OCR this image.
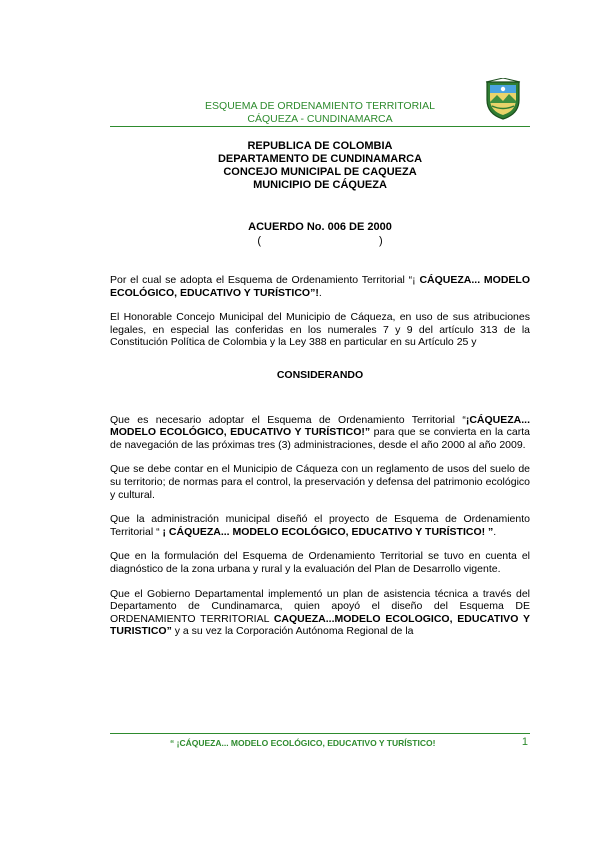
ESQUEMA DE ORDENAMIENTO TERRITORIAL
CÁQUEZA - CUNDINAMARCA
REPUBLICA DE COLOMBIA
DEPARTAMENTO DE CUNDINAMARCA
CONCEJO MUNICIPAL DE CAQUEZA
MUNICIPIO DE CÁQUEZA
ACUERDO No. 006 DE 2000
(	)

Por el cual se adopta el Esquema de Ordenamiento Territorial “¡ CÁQUEZA... MODELO ECOLÓGICO, EDUCATIVO Y TURÍSTICO”!.

El Honorable Concejo Municipal del Municipio de Cáqueza, en uso de sus atribuciones legales, en especial las conferidas en los numerales 7 y 9 del artículo 313 de la Constitución Política de Colombia y la Ley 388 en particular en su Artículo 25 y

CONSIDERANDO

Que es necesario adoptar el Esquema de Ordenamiento Territorial “¡CÁQUEZA... MODELO ECOLÓGICO, EDUCATIVO Y TURÍSTICO!” para que se convierta en la carta de navegación de las próximas tres (3) administraciones, desde el año 2000 al año 2009.

Que se debe contar en el Municipio de Cáqueza con un reglamento de usos del suelo de su territorio; de normas para el control, la preservación y defensa del patrimonio ecológico y cultural.

Que la administración municipal diseñó el proyecto de Esquema de Ordenamiento Territorial “ ¡ CÁQUEZA... MODELO ECOLÓGICO, EDUCATIVO Y TURÍSTICO! ”.

Que en la formulación del Esquema de Ordenamiento Territorial se tuvo en cuenta el diagnóstico de la zona urbana y rural y la evaluación del Plan de Desarrollo vigente.

Que el Gobierno Departamental implementó un plan de asistencia técnica a través del Departamento de Cundinamarca, quien apoyó el diseño del Esquema DE ORDENAMIENTO TERRITORIAL CAQUEZA...MODELO ECOLOGICO, EDUCATIVO Y TURISTICO” y a su vez la Corporación Autónoma Regional de la

“ ¡CÁQUEZA... MODELO ECOLÓGICO, EDUCATIVO Y TURÍSTICO!	1
